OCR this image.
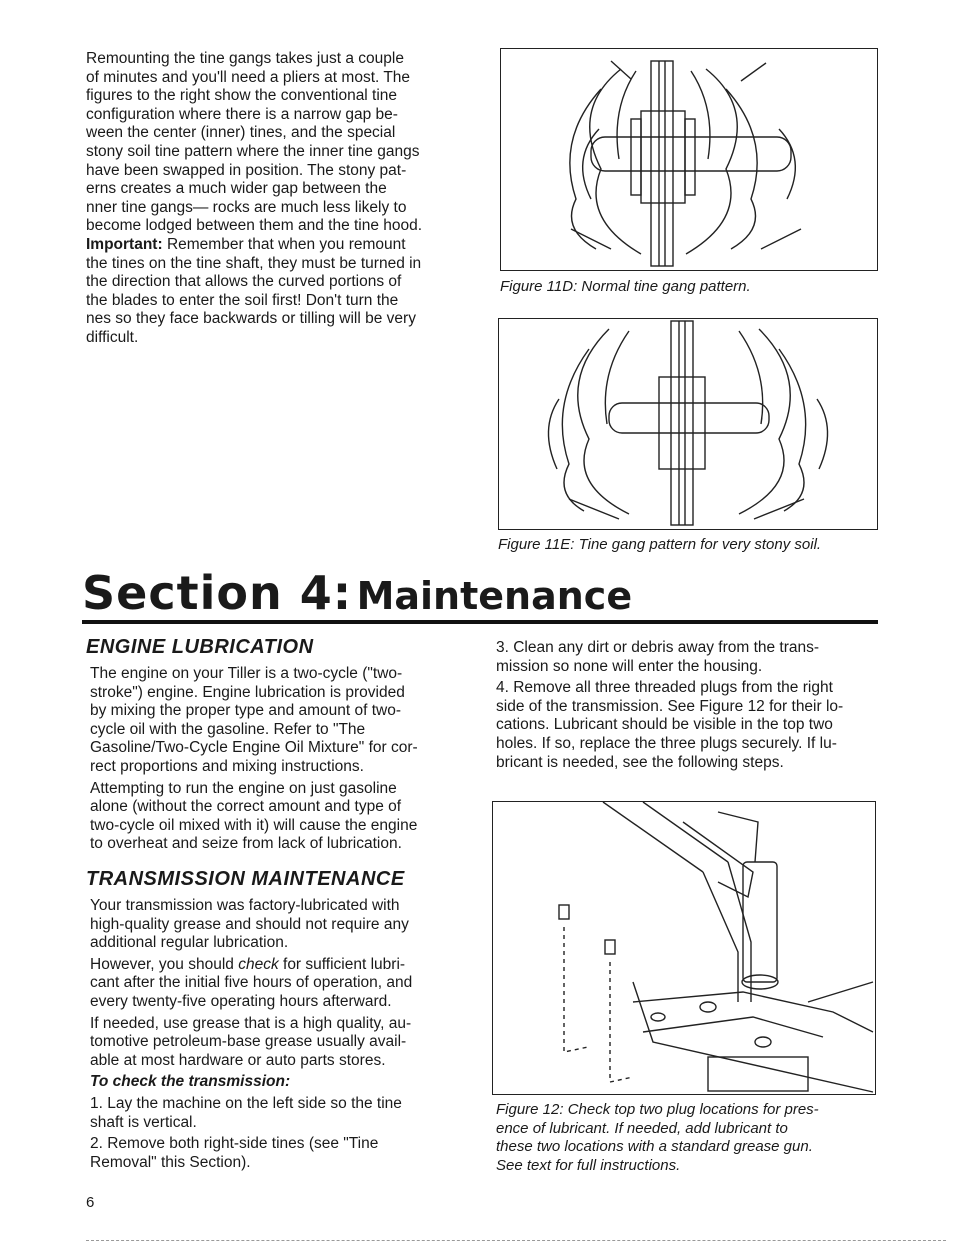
Remounting the tine gangs takes just a couple
of minutes and you'll need a pliers at most. The
figures to the right show the conventional tine
configuration where there is a narrow gap be-
ween the center (inner) tines, and the special
stony soil tine pattern where the inner tine gangs
have been swapped in position. The stony pat-
erns creates a much wider gap between the
nner tine gangs— rocks are much less likely to
become lodged between them and the tine hood.
Important: Remember that when you remount
the tines on the tine shaft, they must be turned in
the direction that allows the curved portions of
the blades to enter the soil first! Don't turn the
nes so they face backwards or tilling will be very
difficult.
Figure 11D: Normal tine gang pattern.
Figure 11E: Tine gang pattern for very stony soil.
Section 4: Maintenance
ENGINE LUBRICATION
The engine on your Tiller is a two-cycle ("two-
stroke") engine. Engine lubrication is provided
by mixing the proper type and amount of two-
cycle oil with the gasoline. Refer to "The
Gasoline/Two-Cycle Engine Oil Mixture" for cor-
rect proportions and mixing instructions.
Attempting to run the engine on just gasoline
alone (without the correct amount and type of
two-cycle oil mixed with it) will cause the engine
to overheat and seize from lack of lubrication.
TRANSMISSION MAINTENANCE
Your transmission was factory-lubricated with
high-quality grease and should not require any
additional regular lubrication.
However, you should check for sufficient lubri-
cant after the initial five hours of operation, and
every twenty-five operating hours afterward.
If needed, use grease that is a high quality, au-
tomotive petroleum-base grease usually avail-
able at most hardware or auto parts stores.
To check the transmission:
1. Lay the machine on the left side so the tine
shaft is vertical.
2. Remove both right-side tines (see "Tine
Removal" this Section).
3. Clean any dirt or debris away from the trans-
mission so none will enter the housing.
4. Remove all three threaded plugs from the right
side of the transmission. See Figure 12 for their lo-
cations. Lubricant should be visible in the top two
holes. If so, replace the three plugs securely. If lu-
bricant is needed, see the following steps.
Figure 12: Check top two plug locations for pres-
ence of lubricant. If needed, add lubricant to
these two locations with a standard grease gun.
See text for full instructions.
6
